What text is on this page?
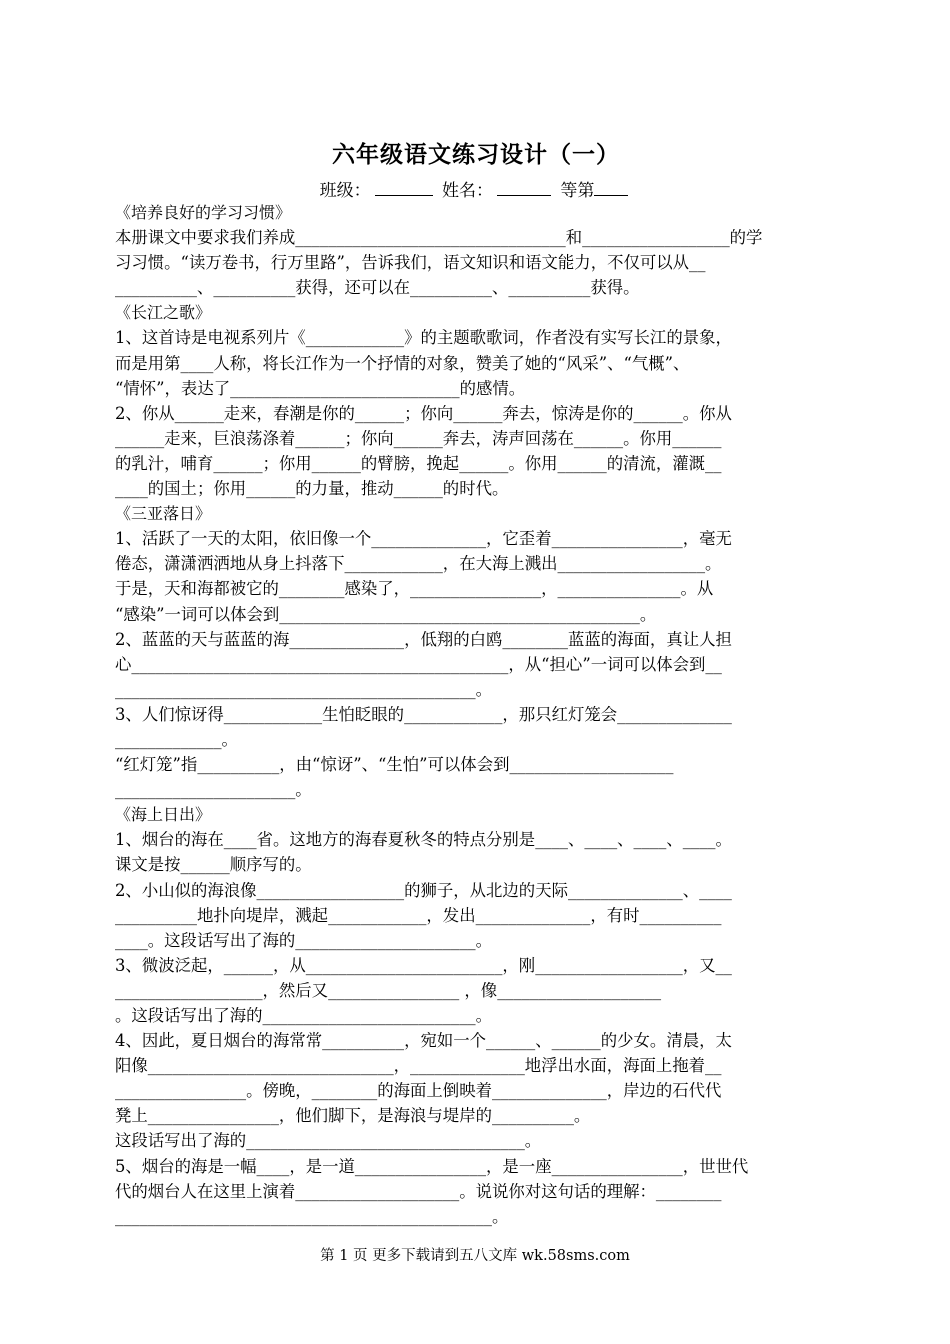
六年级语文练习设计（一）
班级：	姓名：	等第
《培养良好的学习习惯》
本册课文中要求我们养成_________________________________和__________________的学
习习惯。“读万卷书，行万里路”，告诉我们，语文知识和语文能力，不仅可以从__
__________、__________获得，还可以在__________、__________获得。
《长江之歌》
1、这首诗是电视系列片《____________》的主题歌歌词，作者没有实写长江的景象，
而是用第____人称，将长江作为一个抒情的对象，赞美了她的“风采”、“气概”、
“情怀”，表达了____________________________的感情。
2、你从______走来，春潮是你的______；你向______奔去，惊涛是你的______。你从
______走来，巨浪荡涤着______；你向______奔去，涛声回荡在______。你用______
的乳汁，哺育______；你用______的臂膀，挽起______。你用______的清流，灌溉__
____的国土；你用______的力量，推动______的时代。
《三亚落日》
1、活跃了一天的太阳，依旧像一个______________，它歪着________________，毫无
倦态，潇潇洒洒地从身上抖落下____________，在大海上溅出__________________。
于是，天和海都被它的________感染了，________________，_______________。从
“感染”一词可以体会到____________________________________________。
2、蓝蓝的天与蓝蓝的海______________，低翔的白鸥________蓝蓝的海面，真让人担
心______________________________________________，从“担心”一词可以体会到__
____________________________________________。
3、人们惊讶得____________生怕眨眼的____________，那只红灯笼会______________
_____________。
“红灯笼”指__________，由“惊讶”、“生怕”可以体会到____________________
______________________。
《海上日出》
1、烟台的海在____省。这地方的海春夏秋冬的特点分别是____、____、____、____。
课文是按______顺序写的。
2、小山似的海浪像__________________的狮子，从北边的天际______________、____
__________地扑向堤岸，溅起____________，发出______________，有时__________
____。这段话写出了海的______________________。
3、微波泛起，______，从________________________，刚__________________，又__
__________________，然后又________________ ，像____________________
。这段话写出了海的__________________________。
4、因此，夏日烟台的海常常__________，宛如一个______、______的少女。清晨，太
阳像______________________________，______________地浮出水面，海面上拖着__
________________。傍晚，________的海面上倒映着______________，岸边的石代代
凳上________________，他们脚下，是海浪与堤岸的__________。
这段话写出了海的__________________________________。
5、烟台的海是一幅____，是一道________________，是一座________________，世世代
代的烟台人在这里上演着____________________。说说你对这句话的理解：________
______________________________________________。
第 1 页 更多下载请到五八文库 wk.58sms.com
